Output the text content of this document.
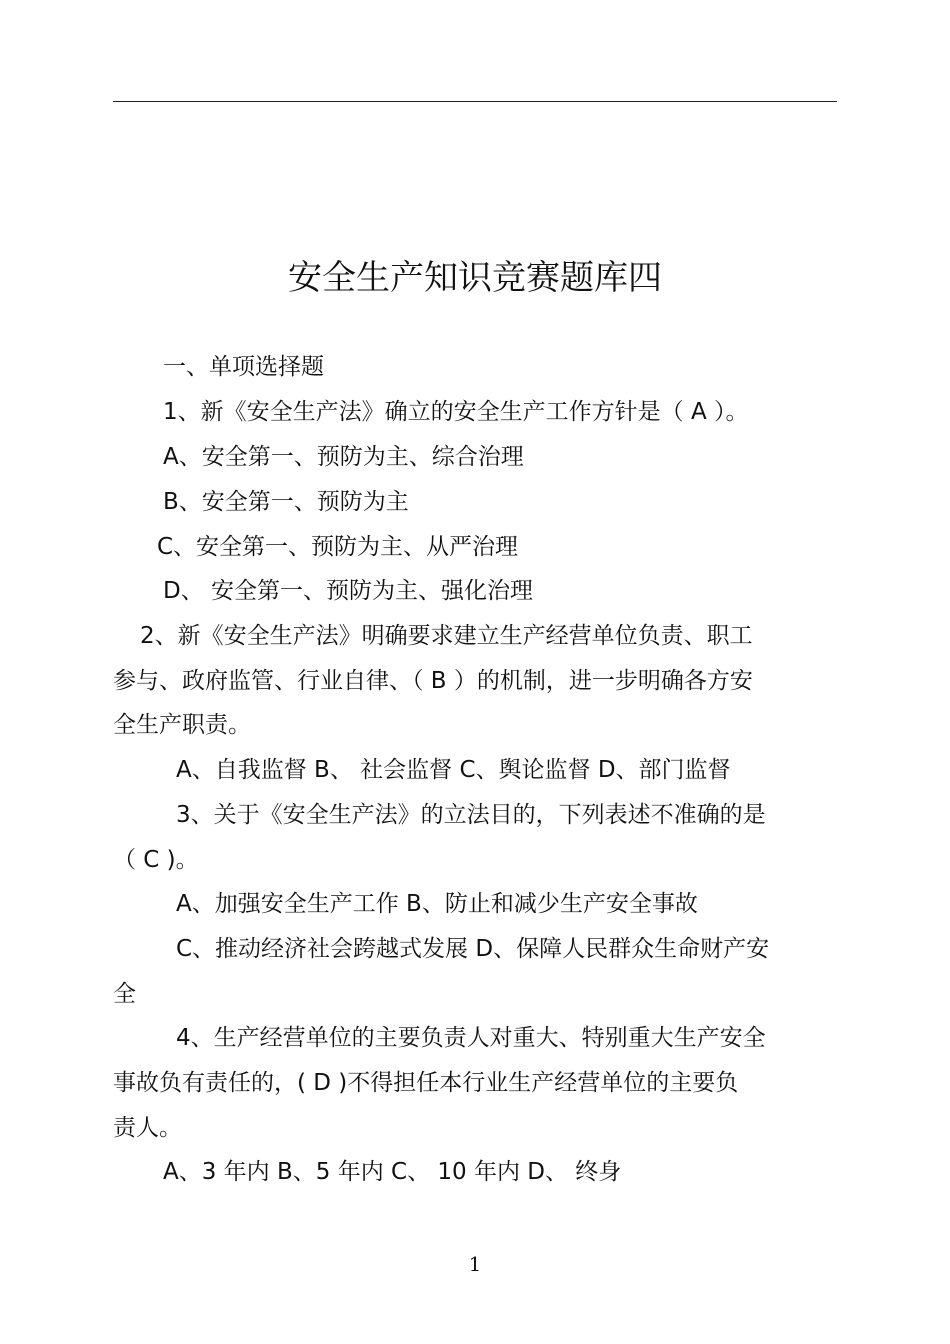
安全生产知识竞赛题库四
一、单项选择题
1、新《安全生产法》确立的安全生产工作方针是（ A ）。
A、安全第一、预防为主、综合治理
B、安全第一、预防为主
C、安全第一、预防为主、从严治理
D、 安全第一、预防为主、强化治理
2、新《安全生产法》明确要求建立生产经营单位负责、职工
参与、政府监管、行业自律、（ B ）的机制，进一步明确各方安
全生产职责。
A、自我监督 B、 社会监督 C、舆论监督 D、部门监督
3、关于《安全生产法》的立法目的，下列表述不准确的是
（ C )。
A、加强安全生产工作 B、防止和减少生产安全事故
C、推动经济社会跨越式发展 D、保障人民群众生命财产安
全
4、生产经营单位的主要负责人对重大、特别重大生产安全
事故负有责任的，( D )不得担任本行业生产经营单位的主要负
责人。
A、3 年内 B、5 年内 C、 10 年内 D、 终身
1
